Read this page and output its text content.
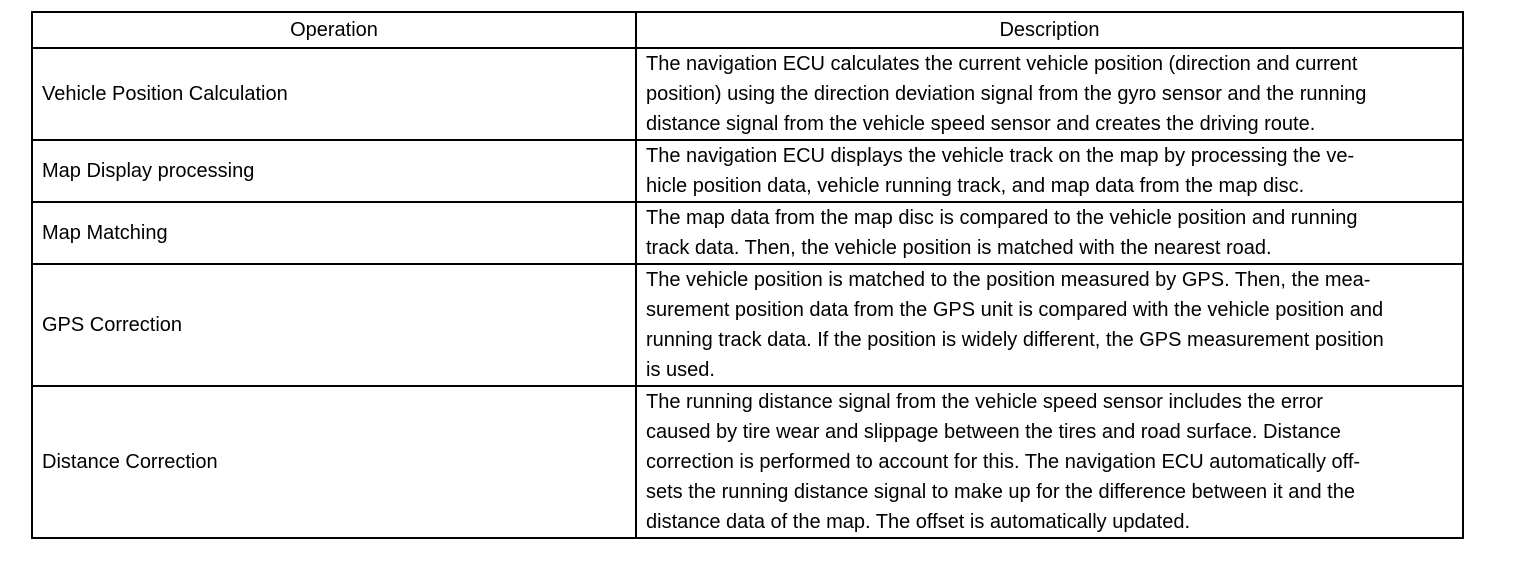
Operation	Description
Vehicle Position Calculation	The navigation ECU calculates the current vehicle position (direction and current
position) using the direction deviation signal from the gyro sensor and the running
distance signal from the vehicle speed sensor and creates the driving route.

Map Display processing	The navigation ECU displays the vehicle track on the map by processing the ve-
hicle position data, vehicle running track, and map data from the map disc.

Map Matching	The map data from the map disc is compared to the vehicle position and running
track data. Then, the vehicle position is matched with the nearest road.

GPS Correction	The vehicle position is matched to the position measured by GPS. Then, the mea-
surement position data from the GPS unit is compared with the vehicle position and
running track data. If the position is widely different, the GPS measurement position
is used.

Distance Correction	The running distance signal from the vehicle speed sensor includes the error
caused by tire wear and slippage between the tires and road surface. Distance
correction is performed to account for this. The navigation ECU automatically off-
sets the running distance signal to make up for the difference between it and the
distance data of the map. The offset is automatically updated.
